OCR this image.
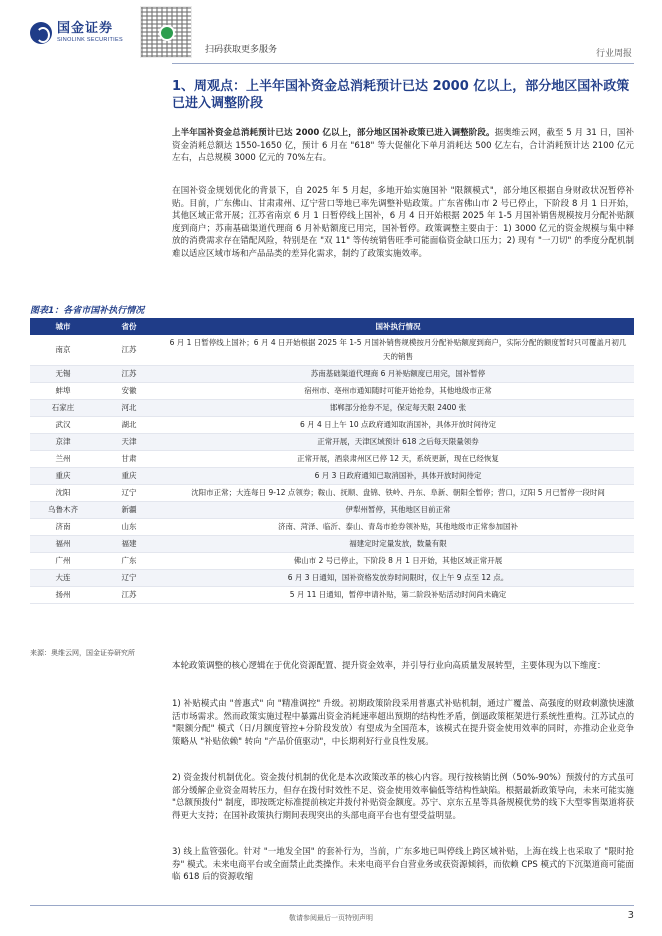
国金证券
SINOLINK SECURITIES
扫码获取更多服务	行业周报
1、周观点：上半年国补资金总消耗预计已达 2000 亿以上，部分地区国补政策已进入调整阶段

上半年国补资金总消耗预计已达 2000 亿以上，部分地区国补政策已进入调整阶段。据奥维云网，截至 5 月 31 日，国补资金消耗总额达 1550-1650 亿，预计 6 月在 "618" 等大促催化下单月消耗达 500 亿左右，合计消耗预计达 2100 亿元左右，占总规模 3000 亿元的 70%左右。

在国补资金规划优化的背景下，自 2025 年 5 月起，多地开始实施国补 "限额模式"，部分地区根据自身财政状况暂停补贴。目前，广东佛山、甘肃肃州、辽宁营口等地已率先调整补贴政策。广东省佛山市 2 号已停止，下阶段 8 月 1 日开始，其他区域正常开展；江苏省南京 6 月 1 日暂停线上国补，6 月 4 日开始根据 2025 年 1-5 月国补销售规模按月分配补贴额度到商户；苏南基础渠道代理商 6 月补贴额度已用完，国补暂停。政策调整主要由于：1) 3000 亿元的资金规模与集中释放的消费需求存在错配风险，特别是在 "双 11" 等传统销售旺季可能面临资金缺口压力；2) 现有 "一刀切" 的季度分配机制难以适应区域市场和产品品类的差异化需求，制约了政策实施效率。

图表1：各省市国补执行情况
城市	省份	国补执行情况
南京	江苏	6 月 1 日暂停线上国补；6 月 4 日开始根据 2025 年 1-5 月国补销售规模按月分配补贴额度到商户，实际分配的额度暂时只可覆盖月初几天的销售
无锡	江苏	苏南基础渠道代理商 6 月补贴额度已用完，国补暂停
蚌埠	安徽	宿州市、亳州市通知随时可能开始抢券，其他地级市正常
石家庄	河北	邯郸部分抢券不足，保定每天限 2400 张
武汉	湖北	6 月 4 日上午 10 点政府通知取消国补，具体开放时间待定
京津	天津	正常开展，天津区域预计 618 之后每天限量领券
兰州	甘肃	正常开展，酒泉肃州区已停 12 天，系统更新，现在已经恢复
重庆	重庆	6 月 3 日政府通知已取消国补，具体开放时间待定
沈阳	辽宁	沈阳市正常；大连每日 9-12 点领券；鞍山、抚顺、盘锦、铁岭、丹东、阜新、朝阳全暂停；营口，辽阳 5 月已暂停一段时间
乌鲁木齐	新疆	伊犁州暂停，其他地区目前正常
济南	山东	济南、菏泽、临沂、泰山、青岛市抢券领补贴，其他地级市正常参加国补
福州	福建	福建定时定量发放，数量有限
广州	广东	佛山市 2 号已停止，下阶段 8 月 1 日开始，其他区域正常开展
大连	辽宁	6 月 3 日通知，国补资格发放券时间限时，仅上午 9 点至 12 点。
扬州	江苏	5 月 11 日通知，暂停申请补贴，第二阶段补贴活动时间尚未确定
来源：奥维云网，国金证券研究所

本轮政策调整的核心逻辑在于优化资源配置、提升资金效率，并引导行业向高质量发展转型，主要体现为以下维度：

1) 补贴模式由 "普惠式" 向 "精准调控" 升级。初期政策阶段采用普惠式补贴机制，通过广覆盖、高强度的财政刺激快速激活市场需求。然而政策实施过程中暴露出资金消耗速率超出预期的结构性矛盾，倒逼政策框架进行系统性重构。江苏试点的 "限额分配" 模式（日/月额度管控+分阶段发放）有望成为全国范本，该模式在提升资金使用效率的同时，亦推动企业竞争策略从 "补贴依赖" 转向 "产品价值驱动"，中长期利好行业良性发展。

2) 资金拨付机制优化。资金拨付机制的优化是本次政策改革的核心内容。现行按核销比例（50%-90%）预拨付的方式虽可部分缓解企业资金周转压力，但存在拨付时效性不足、资金使用效率偏低等结构性缺陷。根据最新政策导向，未来可能实施 "总额预拨付" 制度，即按既定标准提前核定并拨付补贴资金额度。苏宁、京东五星等具备规模优势的线下大型零售渠道将获得更大支持；在国补政策执行期间表现突出的头部电商平台也有望受益明显。

3) 线上监管强化。针对 "一地发全国" 的套补行为，当前，广东多地已叫停线上跨区域补贴，上海在线上也采取了 "限时抢券" 模式。未来电商平台或全面禁止此类操作。未来电商平台自营业务或获资源倾斜，而依赖 CPS 模式的下沉渠道商可能面临 618 后的资源收缩

敬请参阅最后一页特别声明	3
